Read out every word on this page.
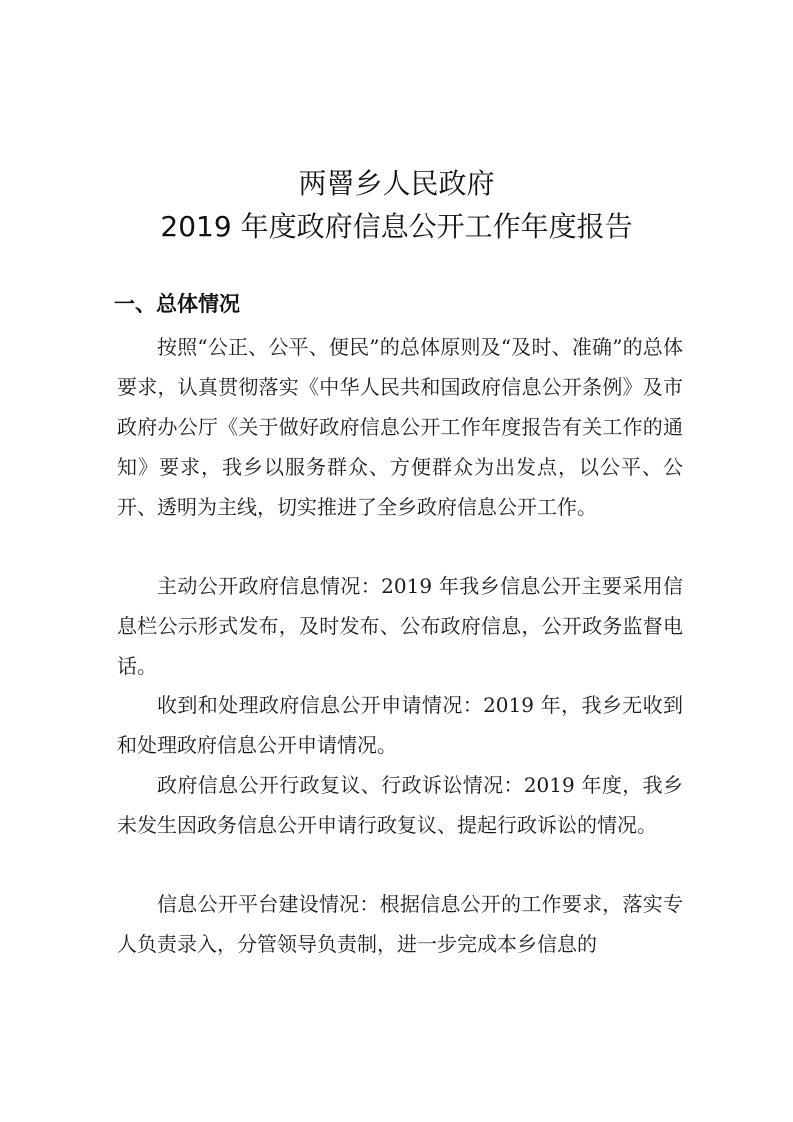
两罾乡人民政府
2019 年度政府信息公开工作年度报告
一、总体情况

按照“公正、公平、便民”的总体原则及“及时、准确”的总体要求，认真贯彻落实《中华人民共和国政府信息公开条例》及市政府办公厅《关于做好政府信息公开工作年度报告有关工作的通知》要求，我乡以服务群众、方便群众为出发点，以公平、公开、透明为主线，切实推进了全乡政府信息公开工作。

主动公开政府信息情况：2019 年我乡信息公开主要采用信息栏公示形式发布，及时发布、公布政府信息，公开政务监督电话。

收到和处理政府信息公开申请情况：2019 年，我乡无收到和处理政府信息公开申请情况。

政府信息公开行政复议、行政诉讼情况：2019 年度，我乡未发生因政务信息公开申请行政复议、提起行政诉讼的情况。

信息公开平台建设情况：根据信息公开的工作要求，落实专人负责录入，分管领导负责制，进一步完成本乡信息的
